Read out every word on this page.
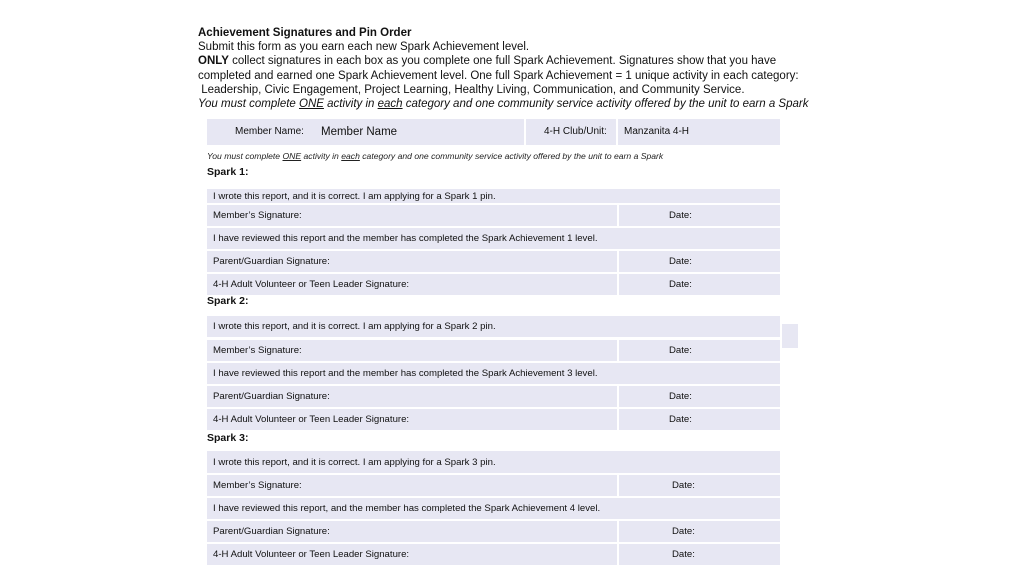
Achievement Signatures and Pin Order
Submit this form as you earn each new Spark Achievement level.
ONLY collect signatures in each box as you complete one full Spark Achievement. Signatures show that you have
completed and earned one Spark Achievement level. One full Spark Achievement = 1 unique activity in each category:
Leadership, Civic Engagement, Project Learning, Healthy Living, Communication, and Community Service.
You must complete ONE activity in each category and one community service activity offered by the unit to earn a Spark
Member Name: Member Name	4-H Club/Unit: Manzanita 4-H
You must complete ONE activity in each category and one community service activity offered by the unit to earn a Spark
Spark 1:
I wrote this report, and it is correct. I am applying for a Spark 1 pin.
Member’s Signature:	Date:
I have reviewed this report and the member has completed the Spark Achievement 1 level.
Parent/Guardian Signature:	Date:
4-H Adult Volunteer or Teen Leader Signature:	Date:
Spark 2:
I wrote this report, and it is correct. I am applying for a Spark 2 pin.
Member’s Signature:	Date:
I have reviewed this report and the member has completed the Spark Achievement 3 level.
Parent/Guardian Signature:	Date:
4-H Adult Volunteer or Teen Leader Signature:	Date:
Spark 3:
I wrote this report, and it is correct. I am applying for a Spark 3 pin.
Member’s Signature:	Date:
I have reviewed this report, and the member has completed the Spark Achievement 4 level.
Parent/Guardian Signature:	Date:
4-H Adult Volunteer or Teen Leader Signature:	Date:
